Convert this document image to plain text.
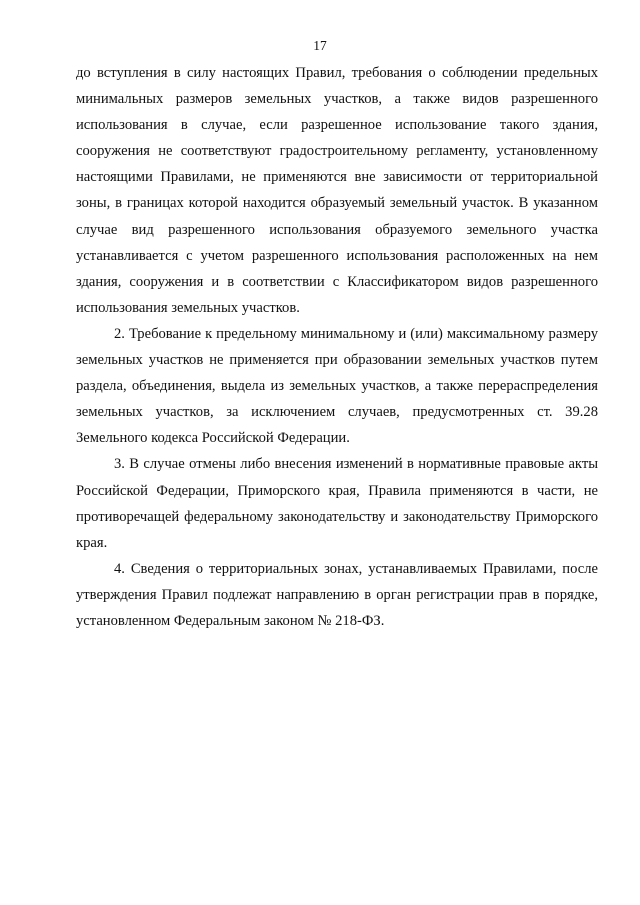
17

до вступления в силу настоящих Правил, требования о соблюдении предельных минимальных размеров земельных участков, а также видов разрешенного использования в случае, если разрешенное использование такого здания, сооружения не соответствуют градостроительному регламенту, установленному настоящими Правилами, не применяются вне зависимости от территориальной зоны, в границах которой находится образуемый земельный участок. В указанном случае вид разрешенного использования образуемого земельного участка устанавливается с учетом разрешенного использования расположенных на нем здания, сооружения и в соответствии с Классификатором видов разрешенного использования земельных участков.

2. Требование к предельному минимальному и (или) максимальному размеру земельных участков не применяется при образовании земельных участков путем раздела, объединения, выдела из земельных участков, а также перераспределения земельных участков, за исключением случаев, предусмотренных ст. 39.28 Земельного кодекса Российской Федерации.

3. В случае отмены либо внесения изменений в нормативные правовые акты Российской Федерации, Приморского края, Правила применяются в части, не противоречащей федеральному законодательству и законодательству Приморского края.

4. Сведения о территориальных зонах, устанавливаемых Правилами, после утверждения Правил подлежат направлению в орган регистрации прав в порядке, установленном Федеральным законом № 218-ФЗ.
